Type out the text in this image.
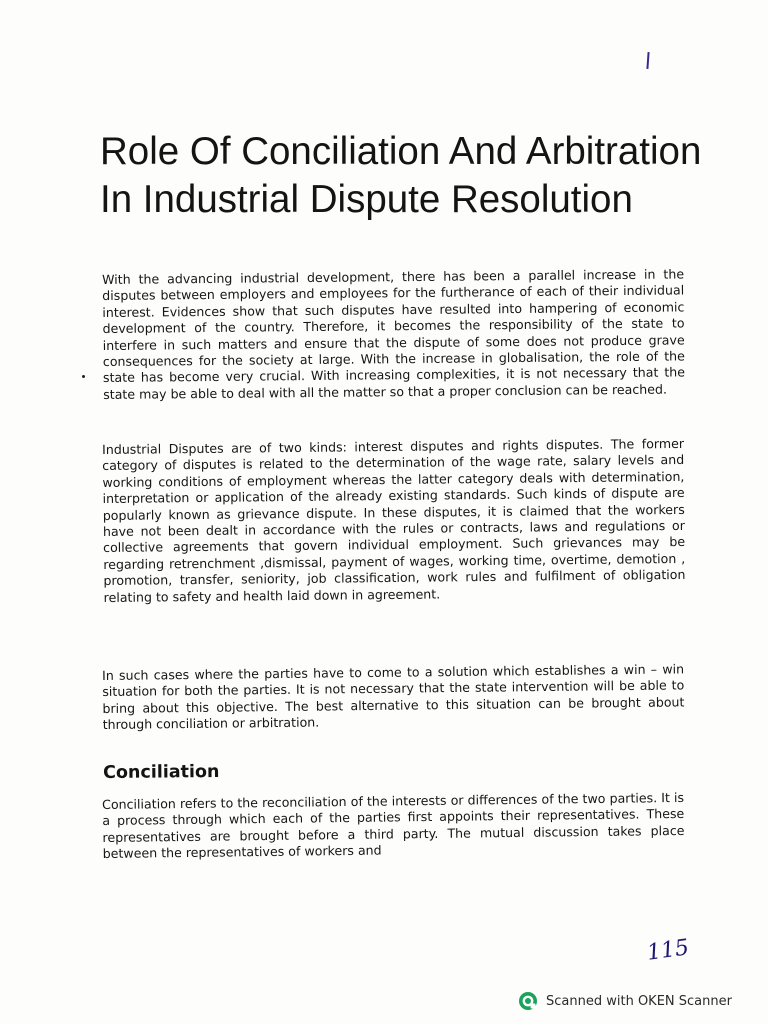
Role Of Conciliation And Arbitration In Industrial Dispute Resolution

With the advancing industrial development, there has been a parallel increase in the disputes between employers and employees for the furtherance of each of their individual interest. Evidences show that such disputes have resulted into hampering of economic development of the country. Therefore, it becomes the responsibility of the state to interfere in such matters and ensure that the dispute of some does not produce grave consequences for the society at large. With the increase in globalisation, the role of the state has become very crucial. With increasing complexities, it is not necessary that the state may be able to deal with all the matter so that a proper conclusion can be reached.

Industrial Disputes are of two kinds: interest disputes and rights disputes. The former category of disputes is related to the determination of the wage rate, salary levels and working conditions of employment whereas the latter category deals with determination, interpretation or application of the already existing standards. Such kinds of dispute are popularly known as grievance dispute. In these disputes, it is claimed that the workers have not been dealt in accordance with the rules or contracts, laws and regulations or collective agreements that govern individual employment. Such grievances may be regarding retrenchment ,dismissal, payment of wages, working time, overtime, demotion , promotion, transfer, seniority, job classification, work rules and fulfilment of obligation relating to safety and health laid down in agreement.

In such cases where the parties have to come to a solution which establishes a win – win situation for both the parties. It is not necessary that the state intervention will be able to bring about this objective. The best alternative to this situation can be brought about through conciliation or arbitration.

Conciliation

Conciliation refers to the reconciliation of the interests or differences of the two parties. It is a process through which each of the parties first appoints their representatives. These representatives are brought before a third party. The mutual discussion takes place between the representatives of workers and

115
Scanned with OKEN Scanner
